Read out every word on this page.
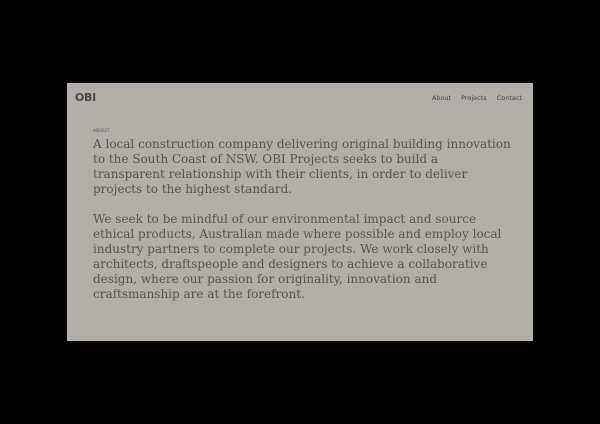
OBI	About Projects Contact
ABOUT

A local construction company delivering original building innovation to the South Coast of NSW. OBI Projects seeks to build a transparent relationship with their clients, in order to deliver projects to the highest standard.

We seek to be mindful of our environmental impact and source ethical products, Australian made where possible and employ local industry partners to complete our projects. We work closely with architects, draftspeople and designers to achieve a collaborative design, where our passion for originality, innovation and craftsmanship are at the forefront.
